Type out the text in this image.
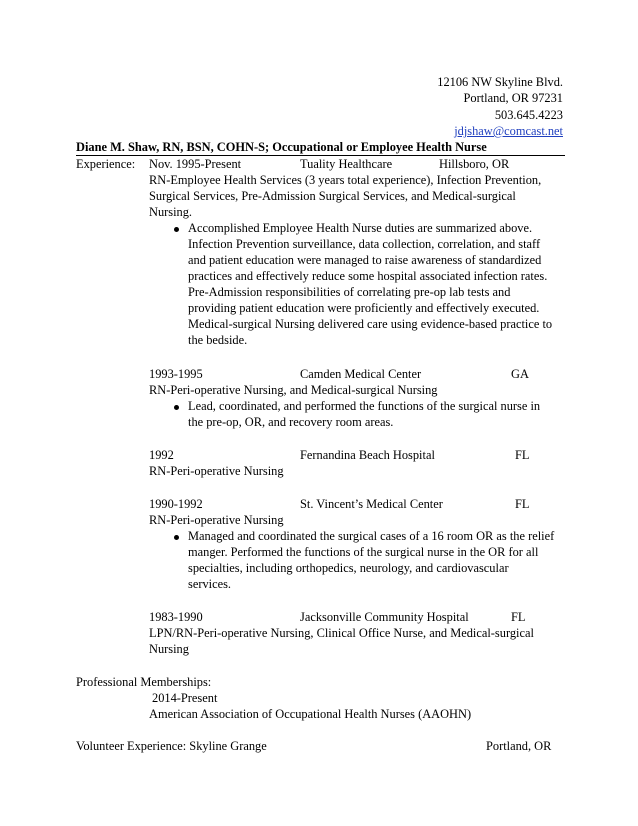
12106 NW Skyline Blvd.
Portland, OR 97231
503.645.4223
jdjshaw@comcast.net
Diane M. Shaw, RN, BSN, COHN-S; Occupational or Employee Health Nurse
Experience: Nov. 1995-Present	Tuality Healthcare	Hillsboro, OR
RN-Employee Health Services (3 years total experience), Infection Prevention,
Surgical Services, Pre-Admission Surgical Services, and Medical-surgical
Nursing.
Accomplished Employee Health Nurse duties are summarized above.
Infection Prevention surveillance, data collection, correlation, and staff
and patient education were managed to raise awareness of standardized
practices and effectively reduce some hospital associated infection rates.
Pre-Admission responsibilities of correlating pre-op lab tests and
providing patient education were proficiently and effectively executed.
Medical-surgical Nursing delivered care using evidence-based practice to
the bedside.
1993-1995	Camden Medical Center	GA
RN-Peri-operative Nursing, and Medical-surgical Nursing
Lead, coordinated, and performed the functions of the surgical nurse in
the pre-op, OR, and recovery room areas.
1992	Fernandina Beach Hospital	FL
RN-Peri-operative Nursing
1990-1992	St. Vincent’s Medical Center	FL
RN-Peri-operative Nursing
Managed and coordinated the surgical cases of a 16 room OR as the relief
manger. Performed the functions of the surgical nurse in the OR for all
specialties, including orthopedics, neurology, and cardiovascular
services.
1983-1990	Jacksonville Community Hospital	FL
LPN/RN-Peri-operative Nursing, Clinical Office Nurse, and Medical-surgical
Nursing
Professional Memberships:
2014-Present
American Association of Occupational Health Nurses (AAOHN)
Volunteer Experience: Skyline Grange	Portland, OR
